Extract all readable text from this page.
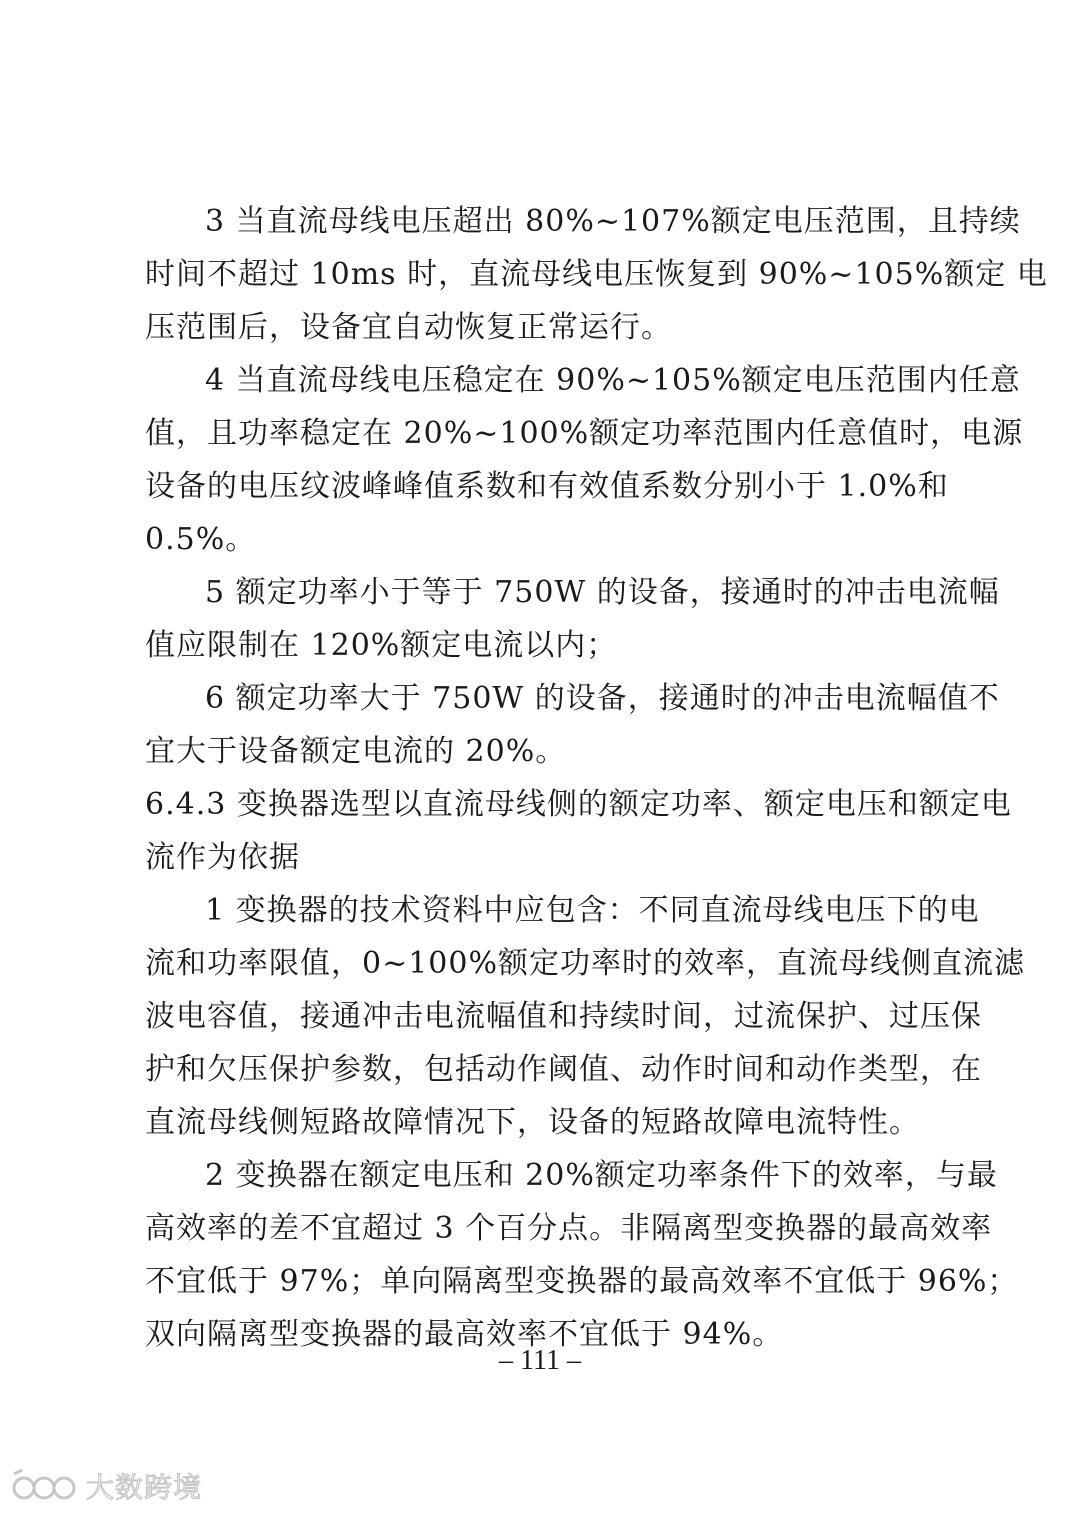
3 当直流母线电压超出 80%~107%额定电压范围，且持续
时间不超过 10ms 时，直流母线电压恢复到 90%~105%额定 电
压范围后，设备宜自动恢复正常运行。
4 当直流母线电压稳定在 90%~105%额定电压范围内任意
值，且功率稳定在 20%~100%额定功率范围内任意值时，电源
设备的电压纹波峰峰值系数和有效值系数分别小于 1.0%和
0.5%。
5 额定功率小于等于 750W 的设备，接通时的冲击电流幅
值应限制在 120%额定电流以内；
6 额定功率大于 750W 的设备，接通时的冲击电流幅值不
宜大于设备额定电流的 20%。
6.4.3 变换器选型以直流母线侧的额定功率、额定电压和额定电
流作为依据
1 变换器的技术资料中应包含：不同直流母线电压下的电
流和功率限值，0~100%额定功率时的效率，直流母线侧直流滤
波电容值，接通冲击电流幅值和持续时间，过流保护、过压保
护和欠压保护参数，包括动作阈值、动作时间和动作类型，在
直流母线侧短路故障情况下，设备的短路故障电流特性。
2 变换器在额定电压和 20%额定功率条件下的效率，与最
高效率的差不宜超过 3 个百分点。非隔离型变换器的最高效率
不宜低于 97%；单向隔离型变换器的最高效率不宜低于 96%；
双向隔离型变换器的最高效率不宜低于 94%。
– 111 –
大数跨境
